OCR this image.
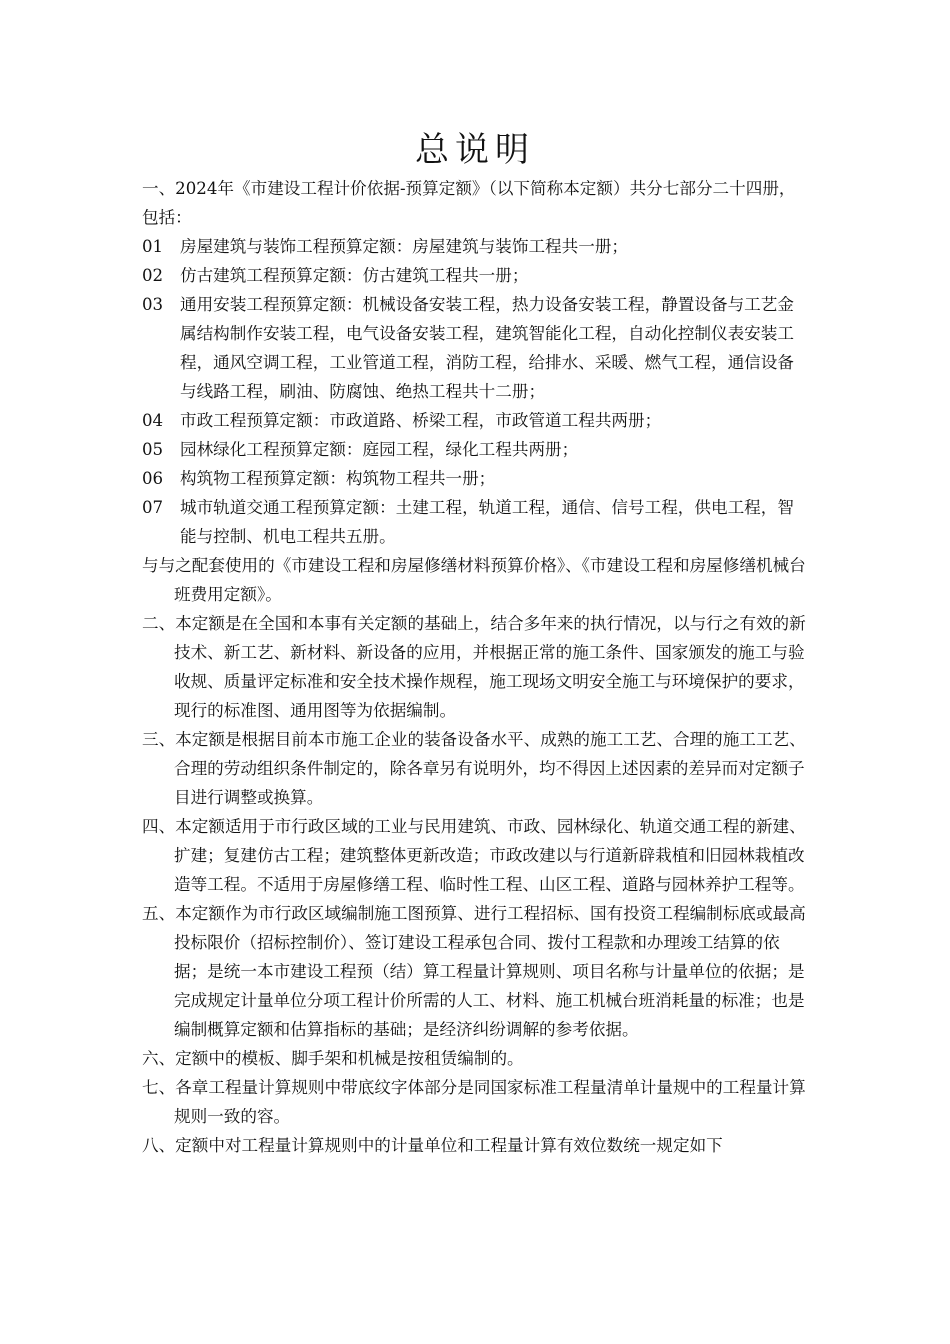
总说明

一、2024年《市建设工程计价依据-预算定额》（以下简称本定额）共分七部分二十四册，包括：

01	房屋建筑与装饰工程预算定额：房屋建筑与装饰工程共一册；
02	仿古建筑工程预算定额：仿古建筑工程共一册；
03	通用安装工程预算定额：机械设备安装工程，热力设备安装工程，静置设备与工艺金属结构制作安装工程，电气设备安装工程，建筑智能化工程，自动化控制仪表安装工程，通风空调工程，工业管道工程，消防工程，给排水、采暖、燃气工程，通信设备与线路工程，刷油、防腐蚀、绝热工程共十二册；
04	市政工程预算定额：市政道路、桥梁工程，市政管道工程共两册；
05	园林绿化工程预算定额：庭园工程，绿化工程共两册；
06	构筑物工程预算定额：构筑物工程共一册；
07	城市轨道交通工程预算定额：土建工程，轨道工程，通信、信号工程，供电工程，智能与控制、机电工程共五册。

与与之配套使用的《市建设工程和房屋修缮材料预算价格》、《市建设工程和房屋修缮机械台班费用定额》。

二、本定额是在全国和本事有关定额的基础上，结合多年来的执行情况，以与行之有效的新技术、新工艺、新材料、新设备的应用，并根据正常的施工条件、国家颁发的施工与验收规、质量评定标准和安全技术操作规程，施工现场文明安全施工与环境保护的要求，现行的标准图、通用图等为依据编制。

三、本定额是根据目前本市施工企业的装备设备水平、成熟的施工工艺、合理的施工工艺、合理的劳动组织条件制定的，除各章另有说明外，均不得因上述因素的差异而对定额子目进行调整或换算。

四、本定额适用于市行政区域的工业与民用建筑、市政、园林绿化、轨道交通工程的新建、扩建；复建仿古工程；建筑整体更新改造；市政改建以与行道新辟栽植和旧园林栽植改造等工程。不适用于房屋修缮工程、临时性工程、山区工程、道路与园林养护工程等。

五、本定额作为市行政区域编制施工图预算、进行工程招标、国有投资工程编制标底或最高投标限价（招标控制价）、签订建设工程承包合同、拨付工程款和办理竣工结算的依据；是统一本市建设工程预（结）算工程量计算规则、项目名称与计量单位的依据；是完成规定计量单位分项工程计价所需的人工、材料、施工机械台班消耗量的标准；也是编制概算定额和估算指标的基础；是经济纠纷调解的参考依据。

六、定额中的模板、脚手架和机械是按租赁编制的。

七、各章工程量计算规则中带底纹字体部分是同国家标准工程量清单计量规中的工程量计算规则一致的容。

八、定额中对工程量计算规则中的计量单位和工程量计算有效位数统一规定如下
